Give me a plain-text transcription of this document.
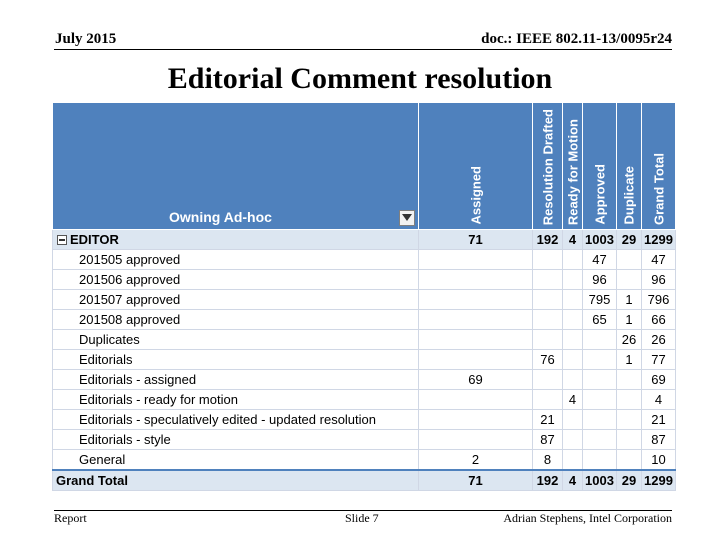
July 2015	doc.: IEEE 802.11-13/0095r24
Editorial Comment resolution
Owning Ad-hoc	Assigned	Resolution Drafted	Ready for Motion	Approved	Duplicate	Grand Total

EDITOR	71	192	4	1003	29	1299
201505 approved				47		47
201506 approved				96		96
201507 approved				795	1	796
201508 approved				65	1	66
Duplicates					26	26
Editorials		76			1	77
Editorials - assigned	69					69
Editorials - ready for motion			4			4
Editorials - speculatively edited - updated resolution		21				21
Editorials - style		87				87
General	2	8				10
Grand Total	71	192	4	1003	29	1299
Report	Slide 7	Adrian Stephens, Intel Corporation
